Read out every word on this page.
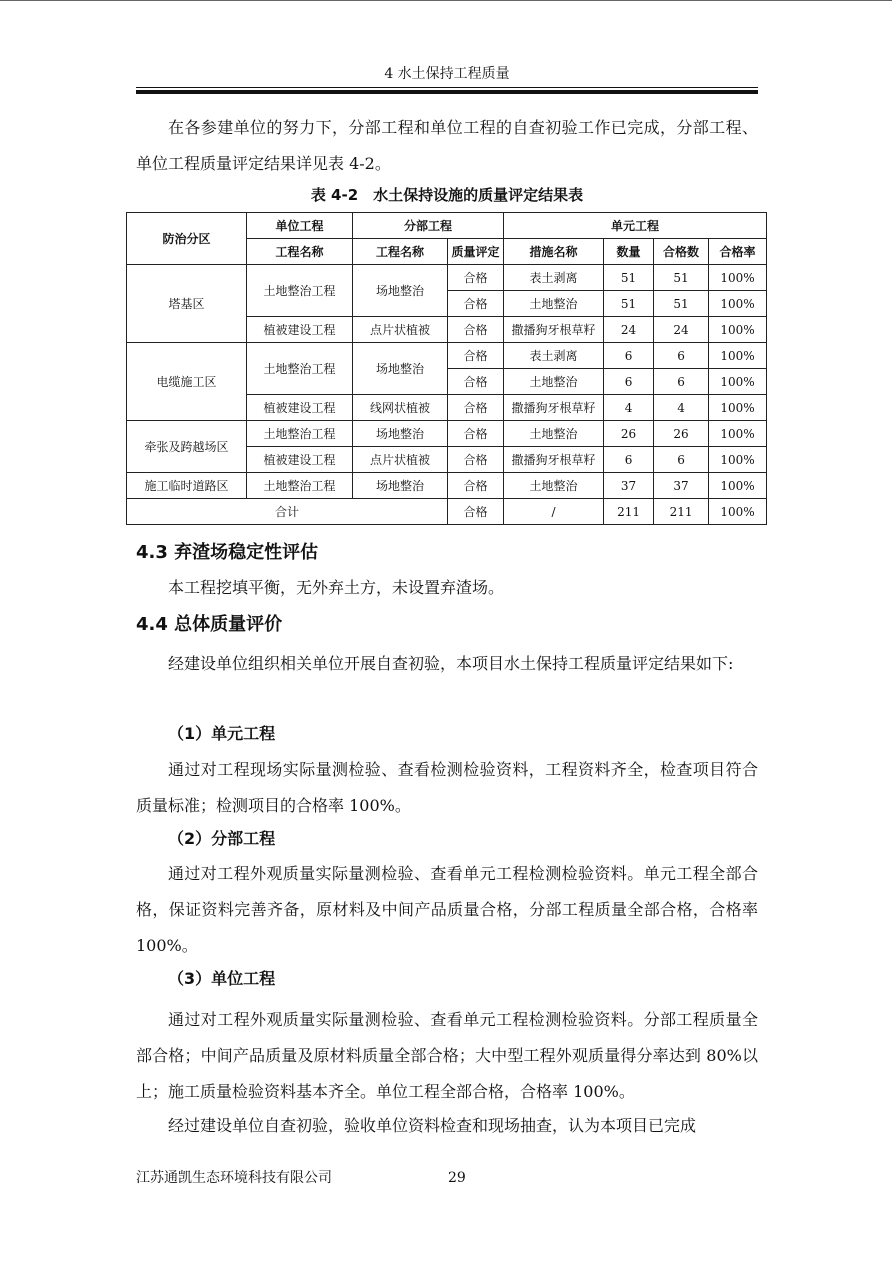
4 水土保持工程质量

在各参建单位的努力下，分部工程和单位工程的自查初验工作已完成，分部工程、单位工程质量评定结果详见表 4-2。

表 4-2　水土保持设施的质量评定结果表
防治分区	单位工程	分部工程		单元工程			
	工程名称	工程名称	质量评定	措施名称	数量	合格数	合格率
塔基区	土地整治工程	场地整治	合格	表土剥离	51	51	100%
			合格	土地整治	51	51	100%
	植被建设工程	点片状植被	合格	撒播狗牙根草籽	24	24	100%
电缆施工区	土地整治工程	场地整治	合格	表土剥离	6	6	100%
			合格	土地整治	6	6	100%
	植被建设工程	线网状植被	合格	撒播狗牙根草籽	4	4	100%
牵张及跨越场区	土地整治工程	场地整治	合格	土地整治	26	26	100%
	植被建设工程	点片状植被	合格	撒播狗牙根草籽	6	6	100%
施工临时道路区	土地整治工程	场地整治	合格	土地整治	37	37	100%
合计			合格	/	211	211	100%
4.3 弃渣场稳定性评估

本工程挖填平衡，无外弃土方，未设置弃渣场。

4.4 总体质量评价

经建设单位组织相关单位开展自查初验，本项目水土保持工程质量评定结果如下:

（1）单元工程

通过对工程现场实际量测检验、查看检测检验资料，工程资料齐全，检查项目符合质量标准；检测项目的合格率 100%。

（2）分部工程

通过对工程外观质量实际量测检验、查看单元工程检测检验资料。单元工程全部合格，保证资料完善齐备，原材料及中间产品质量合格，分部工程质量全部合格，合格率 100%。

（3）单位工程

通过对工程外观质量实际量测检验、查看单元工程检测检验资料。分部工程质量全部合格；中间产品质量及原材料质量全部合格；大中型工程外观质量得分率达到 80%以上；施工质量检验资料基本齐全。单位工程全部合格，合格率 100%。

经过建设单位自查初验，验收单位资料检查和现场抽查，认为本项目已完成

江苏通凯生态环境科技有限公司	29
